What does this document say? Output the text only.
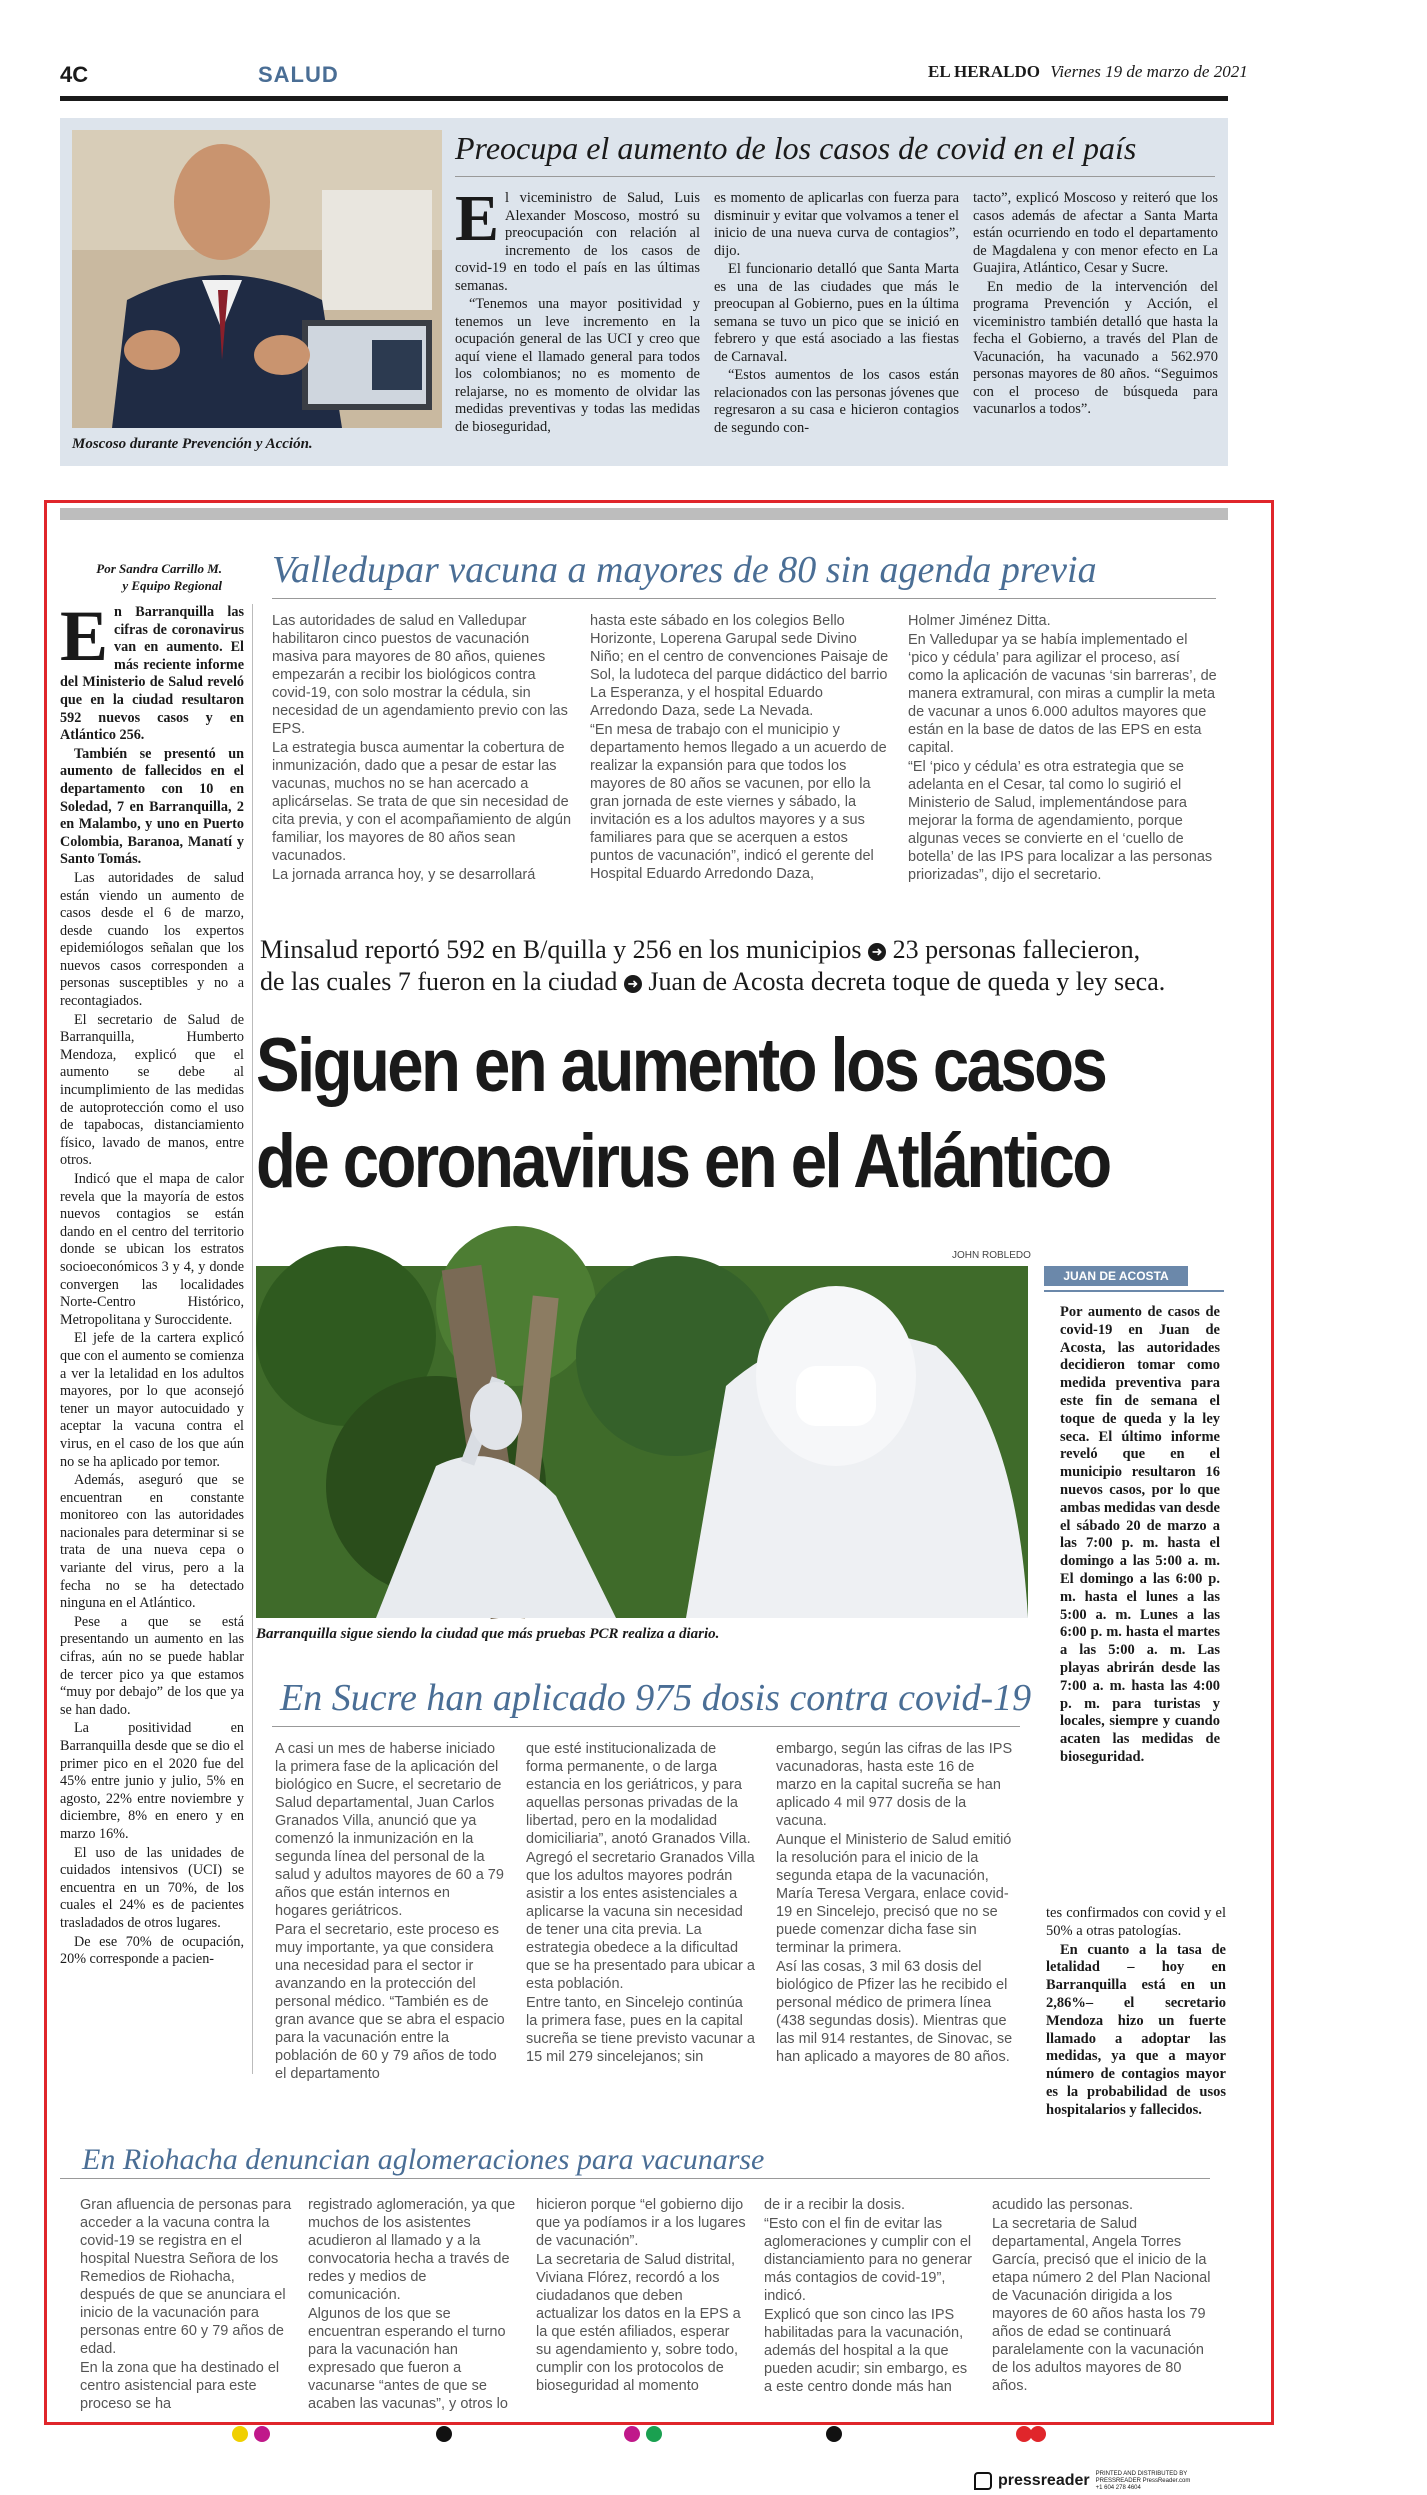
4C	SALUD	EL HERALDO Viernes 19 de marzo de 2021
Moscoso durante Prevención y Acción.
Preocupa el aumento de los casos de covid en el país

El viceministro de Salud, Luis Alexander Moscoso, mostró su preocupación con relación al incremento de los casos de covid-19 en todo el país en las últimas semanas.

“Tenemos una mayor positividad y tenemos un leve incremento en la ocupación general de las UCI y creo que aquí viene el llamado general para todos los colombianos; no es momento de relajarse, no es momento de olvidar las medidas preventivas y todas las medidas de bioseguridad,

es momento de aplicarlas con fuerza para disminuir y evitar que volvamos a tener el inicio de una nueva curva de contagios”, dijo.

El funcionario detalló que Santa Marta es una de las ciudades que más le preocupan al Gobierno, pues en la última semana se tuvo un pico que se inició en febrero y que está asociado a las fiestas de Carnaval.

“Estos aumentos de los casos están relacionados con las personas jóvenes que regresaron a su casa e hicieron contagios de segundo con-

tacto”, explicó Moscoso y reiteró que los casos además de afectar a Santa Marta están ocurriendo en todo el departamento de Magdalena y con menor efecto en La Guajira, Atlántico, Cesar y Sucre.

En medio de la intervención del programa Prevención y Acción, el viceministro también detalló que hasta la fecha el Gobierno, a través del Plan de Vacunación, ha vacunado a 562.970 personas mayores de 80 años. “Seguimos con el proceso de búsqueda para vacunarlos a todos”.

Por Sandra Carrillo M.
y Equipo Regional

En Barranquilla las cifras de coronavirus van en aumento. El más reciente informe del Ministerio de Salud reveló que en la ciudad resultaron 592 nuevos casos y en Atlántico 256.

También se presentó un aumento de fallecidos en el departamento con 10 en Soledad, 7 en Barranquilla, 2 en Malambo, y uno en Puerto Colombia, Baranoa, Manatí y Santo Tomás.

Las autoridades de salud están viendo un aumento de casos desde el 6 de marzo, desde cuando los expertos epidemiólogos señalan que los nuevos casos corresponden a personas susceptibles y no a recontagiados.

El secretario de Salud de Barranquilla, Humberto Mendoza, explicó que el aumento se debe al incumplimiento de las medidas de autoprotección como el uso de tapabocas, distanciamiento físico, lavado de manos, entre otros.

Indicó que el mapa de calor revela que la mayoría de estos nuevos contagios se están dando en el centro del territorio donde se ubican los estratos socioeconómicos 3 y 4, y donde convergen las localidades Norte-Centro Histórico, Metropolitana y Suroccidente.

El jefe de la cartera explicó que con el aumento se comienza a ver la letalidad en los adultos mayores, por lo que aconsejó tener un mayor autocuidado y aceptar la vacuna contra el virus, en el caso de los que aún no se ha aplicado por temor.

Además, aseguró que se encuentran en constante monitoreo con las autoridades nacionales para determinar si se trata de una nueva cepa o variante del virus, pero a la fecha no se ha detectado ninguna en el Atlántico.

Pese a que se está presentando un aumento en las cifras, aún no se puede hablar de tercer pico ya que estamos “muy por debajo” de los que ya se han dado.

La positividad en Barranquilla desde que se dio el primer pico en el 2020 fue del 45% entre junio y julio, 5% en agosto, 22% entre noviembre y diciembre, 8% en enero y en marzo 16%.

El uso de las unidades de cuidados intensivos (UCI) se encuentra en un 70%, de los cuales el 24% es de pacientes trasladados de otros lugares.

De ese 70% de ocupación, 20% corresponde a pacien-

Valledupar vacuna a mayores de 80 sin agenda previa

Las autoridades de salud en Valledupar habilitaron cinco puestos de vacunación masiva para mayores de 80 años, quienes empezarán a recibir los biológicos contra covid-19, con solo mostrar la cédula, sin necesidad de un agendamiento previo con las EPS.

La estrategia busca aumentar la cobertura de inmunización, dado que a pesar de estar las vacunas, muchos no se han acercado a aplicárselas. Se trata de que sin necesidad de cita previa, y con el acompañamiento de algún familiar, los mayores de 80 años sean vacunados.

La jornada arranca hoy, y se desarrollará

hasta este sábado en los colegios Bello Horizonte, Loperena Garupal sede Divino Niño; en el centro de convenciones Paisaje de Sol, la ludoteca del parque didáctico del barrio La Esperanza, y el hospital Eduardo Arredondo Daza, sede La Nevada.

“En mesa de trabajo con el municipio y departamento hemos llegado a un acuerdo de realizar la expansión para que todos los mayores de 80 años se vacunen, por ello la gran jornada de este viernes y sábado, la invitación es a los adultos mayores y a sus familiares para que se acerquen a estos puntos de vacunación”, indicó el gerente del Hospital Eduardo Arredondo Daza,

Holmer Jiménez Ditta.

En Valledupar ya se había implementado el ‘pico y cédula’ para agilizar el proceso, así como la aplicación de vacunas ‘sin barreras’, de manera extramural, con miras a cumplir la meta de vacunar a unos 6.000 adultos mayores que están en la base de datos de las EPS en esta capital.

“El ‘pico y cédula’ es otra estrategia que se adelanta en el Cesar, tal como lo sugirió el Ministerio de Salud, implementándose para mejorar la forma de agendamiento, porque algunas veces se convierte en el ‘cuello de botella’ de las IPS para localizar a las personas priorizadas”, dijo el secretario.

Minsalud reportó 592 en B/quilla y 256 en los municipios ➜ 23 personas fallecieron,
de las cuales 7 fueron en la ciudad ➜ Juan de Acosta decreta toque de queda y ley seca.
Siguen en aumento los casos
de coronavirus en el Atlántico
JOHN ROBLEDO
Barranquilla sigue siendo la ciudad que más pruebas PCR realiza a diario.
JUAN DE ACOSTA
Por aumento de casos de covid-19 en Juan de Acosta, las autoridades decidieron tomar como medida preventiva para este fin de semana el toque de queda y la ley seca. El último informe reveló que en el municipio resultaron 16 nuevos casos, por lo que ambas medidas van desde el sábado 20 de marzo a las 7:00 p. m. hasta el domingo a las 5:00 a. m. El domingo a las 6:00 p. m. hasta el lunes a las 5:00 a. m. Lunes a las 6:00 p. m. hasta el martes a las 5:00 a. m. Las playas abrirán desde las 7:00 a. m. hasta las 4:00 p. m. para turistas y locales, siempre y cuando acaten las medidas de bioseguridad.

tes confirmados con covid y el 50% a otras patologías.

En cuanto a la tasa de letalidad – hoy en Barranquilla está en un 2,86%– el secretario Mendoza hizo un fuerte llamado a adoptar las medidas, ya que a mayor número de contagios mayor es la probabilidad de usos hospitalarios y fallecidos.

En Sucre han aplicado 975 dosis contra covid-19

A casi un mes de haberse iniciado la primera fase de la aplicación del biológico en Sucre, el secretario de Salud departamental, Juan Carlos Granados Villa, anunció que ya comenzó la inmunización en la segunda línea del personal de la salud y adultos mayores de 60 a 79 años que están internos en hogares geriátricos.

Para el secretario, este proceso es muy importante, ya que considera una necesidad para el sector ir avanzando en la protección del personal médico. “También es de gran avance que se abra el espacio para la vacunación entre la población de 60 y 79 años de todo el departamento

que esté institucionalizada de forma permanente, o de larga estancia en los geriátricos, y para aquellas personas privadas de la libertad, pero en la modalidad domiciliaria”, anotó Granados Villa.

Agregó el secretario Granados Villa que los adultos mayores podrán asistir a los entes asistenciales a aplicarse la vacuna sin necesidad de tener una cita previa. La estrategia obedece a la dificultad que se ha presentado para ubicar a esta población.

Entre tanto, en Sincelejo continúa la primera fase, pues en la capital sucreña se tiene previsto vacunar a 15 mil 279 sincelejanos; sin

embargo, según las cifras de las IPS vacunadoras, hasta este 16 de marzo en la capital sucreña se han aplicado 4 mil 977 dosis de la vacuna.

Aunque el Ministerio de Salud emitió la resolución para el inicio de la segunda etapa de la vacunación, María Teresa Vergara, enlace covid-19 en Sincelejo, precisó que no se puede comenzar dicha fase sin terminar la primera.

Así las cosas, 3 mil 63 dosis del biológico de Pfizer las he recibido el personal médico de primera línea (438 segundas dosis). Mientras que las mil 914 restantes, de Sinovac, se han aplicado a mayores de 80 años.

En Riohacha denuncian aglomeraciones para vacunarse

Gran afluencia de personas para acceder a la vacuna contra la covid-19 se registra en el hospital Nuestra Señora de los Remedios de Riohacha, después de que se anunciara el inicio de la vacunación para personas entre 60 y 79 años de edad.

En la zona que ha destinado el centro asistencial para este proceso se ha

registrado aglomeración, ya que muchos de los asistentes acudieron al llamado y a la convocatoria hecha a través de redes y medios de comunicación.

Algunos de los que se encuentran esperando el turno para la vacunación han expresado que fueron a vacunarse “antes de que se acaben las vacunas”, y otros lo

hicieron porque “el gobierno dijo que ya podíamos ir a los lugares de vacunación”.

La secretaria de Salud distrital, Viviana Flórez, recordó a los ciudadanos que deben actualizar los datos en la EPS a la que estén afiliados, esperar su agendamiento y, sobre todo, cumplir con los protocolos de bioseguridad al momento

de ir a recibir la dosis.

“Esto con el fin de evitar las aglomeraciones y cumplir con el distanciamiento para no generar más contagios de covid-19”, indicó.

Explicó que son cinco las IPS habilitadas para la vacunación, además del hospital a la que pueden acudir; sin embargo, es a este centro donde más han

acudido las personas.

La secretaria de Salud departamental, Angela Torres García, precisó que el inicio de la etapa número 2 del Plan Nacional de Vacunación dirigida a los mayores de 60 años hasta los 79 años de edad se continuará paralelamente con la vacunación de los adultos mayores de 80 años.

pressreader PRINTED AND DISTRIBUTED BY PRESSREADER PressReader.com +1 604 278 4604
